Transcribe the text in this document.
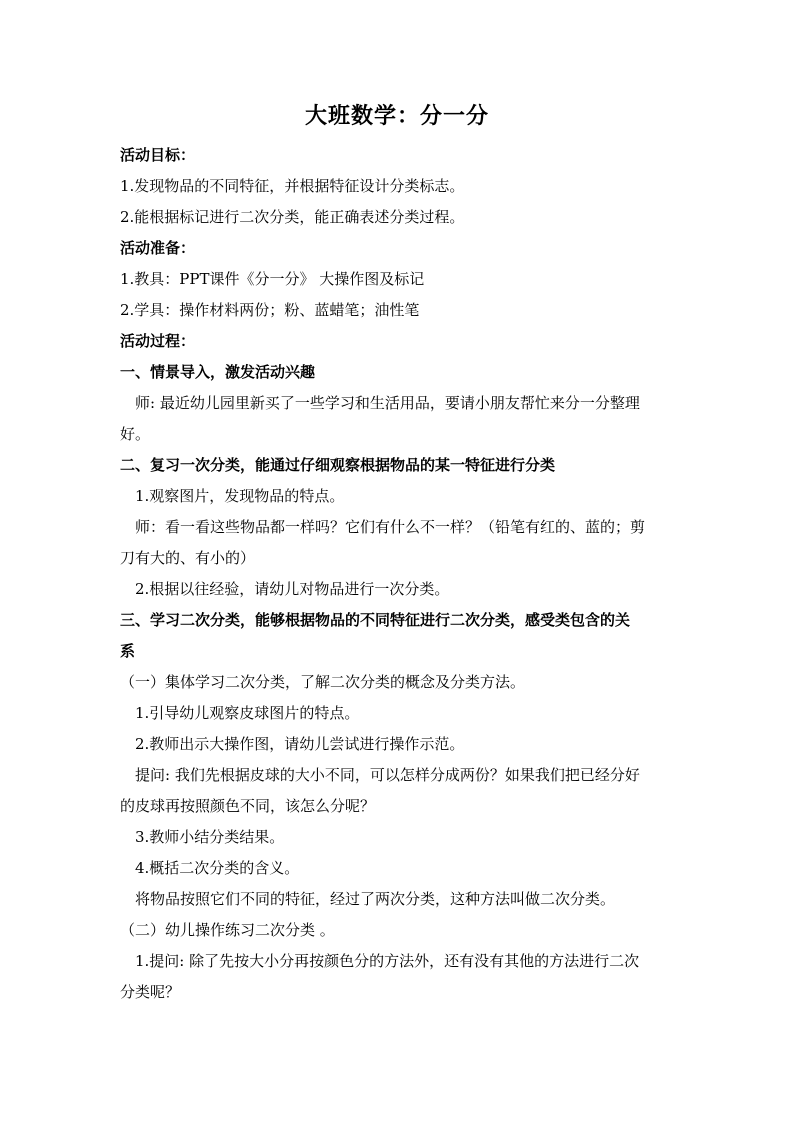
大班数学：分一分

活动目标：

1.发现物品的不同特征，并根据特征设计分类标志。

2.能根据标记进行二次分类，能正确表述分类过程。

活动准备：

1.教具：PPT课件《分一分》 大操作图及标记

2.学具：操作材料两份；粉、蓝蜡笔；油性笔

活动过程：

一、情景导入，激发活动兴趣

师: 最近幼儿园里新买了一些学习和生活用品，要请小朋友帮忙来分一分整理

好。

二、复习一次分类，能通过仔细观察根据物品的某一特征进行分类

1.观察图片，发现物品的特点。

师：看一看这些物品都一样吗？它们有什么不一样？（铅笔有红的、蓝的；剪

刀有大的、有小的）

2.根据以往经验，请幼儿对物品进行一次分类。

三、学习二次分类，能够根据物品的不同特征进行二次分类，感受类包含的关

系

（一）集体学习二次分类，了解二次分类的概念及分类方法。

1.引导幼儿观察皮球图片的特点。

2.教师出示大操作图，请幼儿尝试进行操作示范。

提问: 我们先根据皮球的大小不同，可以怎样分成两份？如果我们把已经分好

的皮球再按照颜色不同，该怎么分呢？

3.教师小结分类结果。

4.概括二次分类的含义。

将物品按照它们不同的特征，经过了两次分类，这种方法叫做二次分类。

（二）幼儿操作练习二次分类 。

1.提问: 除了先按大小分再按颜色分的方法外，还有没有其他的方法进行二次

分类呢？
